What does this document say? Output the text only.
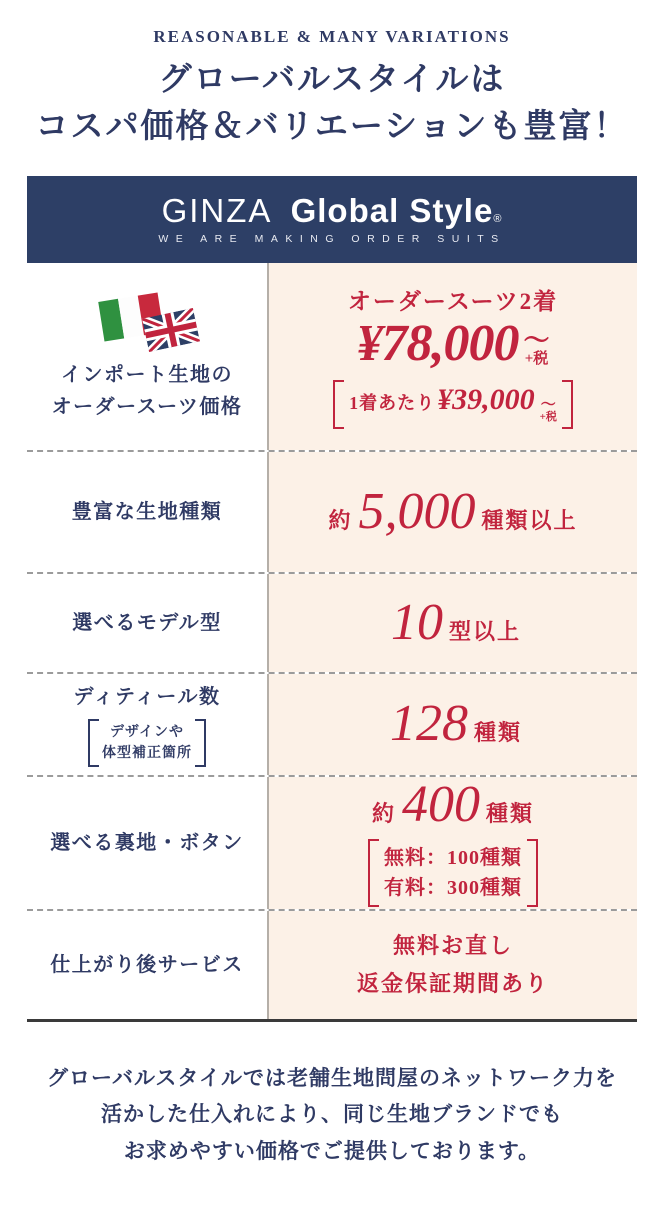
REASONABLE & MANY VARIATIONS
グローバルスタイルは
コスパ価格＆バリエーションも豊富！
GINZA Global Style®
WE ARE MAKING ORDER SUITS
インポート生地の
オーダースーツ価格
オーダースーツ2着
¥78,000 ～
+税
1着あたり ¥39,000 ～
+税
豊富な生地種類	約 5,000 種類以上
選べるモデル型	10 型以上
ディティール数
デザインや
体型補正箇所
128 種類
選べる裏地・ボタン
約 400 種類
無料：100種類
有料：300種類
仕上がり後サービス
無料お直し
返金保証期間あり

グローバルスタイルでは老舗生地問屋のネットワーク力を
活かした仕入れにより、同じ生地ブランドでも
お求めやすい価格でご提供しております。
